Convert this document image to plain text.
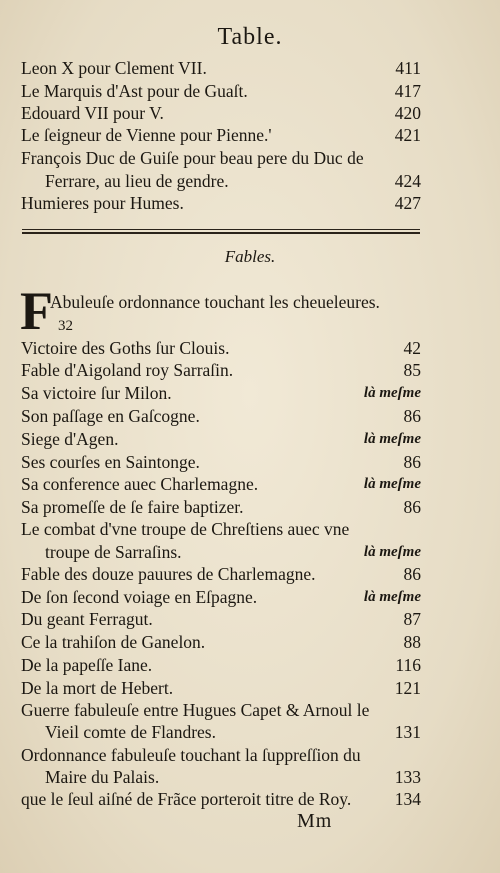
Table.
Leon X pour Clement VII.	411
Le Marquis d'Ast pour de Guaſt.	417
Edouard VII pour V.	420
Le ſeigneur de Vienne pour Pienne.'	421
François Duc de Guiſe pour beau pere du Duc de
Ferrare, au lieu de gendre.	424
Humieres pour Humes.	427
Fables.
F
Abuleuſe ordonnance touchant les cheueleures.
32
Victoire des Goths ſur Clouis.	42
Fable d'Aigoland roy Sarraſin.	85
Sa victoire ſur Milon.	là meſme
Son paſſage en Gaſcogne.	86
Siege d'Agen.	là meſme
Ses courſes en Saintonge.	86
Sa conference auec Charlemagne.	là meſme
Sa promeſſe de ſe faire baptizer.	86
Le combat d'vne troupe de Chreſtiens auec vne
troupe de Sarraſins.	là meſme
Fable des douze pauures de Charlemagne.	86
De ſon ſecond voiage en Eſpagne.	là meſme
Du geant Ferragut.	87
Ce la trahiſon de Ganelon.	88
De la papeſſe Iane.	116
De la mort de Hebert.	121
Guerre fabuleuſe entre Hugues Capet & Arnoul le
Vieil comte de Flandres.	131
Ordonnance fabuleuſe touchant la ſuppreſſion du
Maire du Palais.	133
que le ſeul aiſné de Frãce porteroit titre de Roy. 134
Mm
